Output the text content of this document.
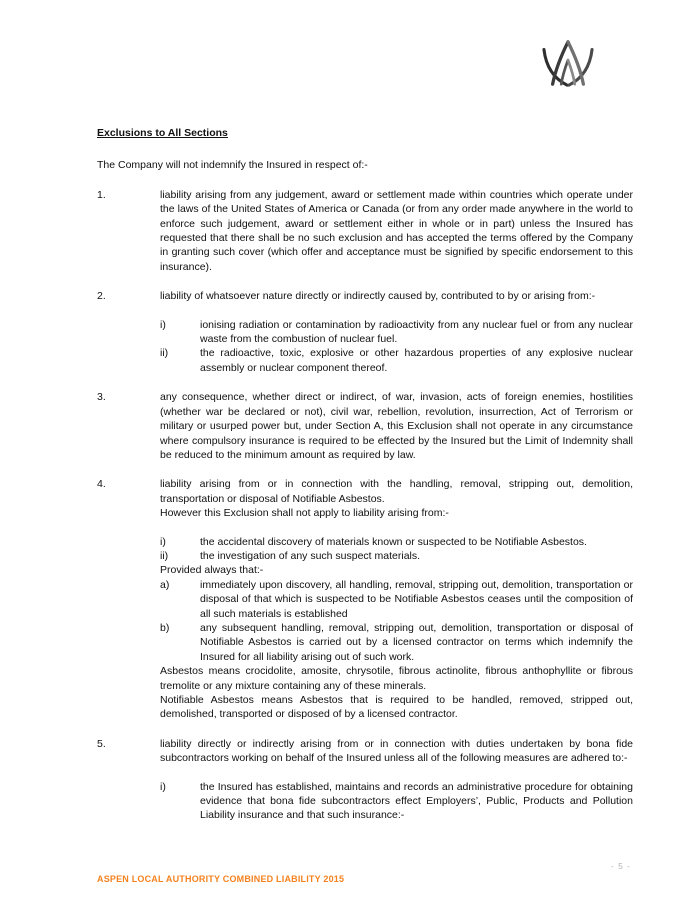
Exclusions to All Sections

The Company will not indemnify the Insured in respect of:-

1.	liability arising from any judgement, award or settlement made within countries which operate under the laws of the United States of America or Canada (or from any order made anywhere in the world to enforce such judgement, award or settlement either in whole or in part) unless the Insured has requested that there shall be no such exclusion and has accepted the terms offered by the Company in granting such cover (which offer and acceptance must be signified by specific endorsement to this insurance).

2.	liability of whatsoever nature directly or indirectly caused by, contributed to by or arising from:-

i)	ionising radiation or contamination by radioactivity from any nuclear fuel or from any nuclear waste from the combustion of nuclear fuel.

ii)	the radioactive, toxic, explosive or other hazardous properties of any explosive nuclear assembly or nuclear component thereof.

3.	any consequence, whether direct or indirect, of war, invasion, acts of foreign enemies, hostilities (whether war be declared or not), civil war, rebellion, revolution, insurrection, Act of Terrorism or military or usurped power but, under Section A, this Exclusion shall not operate in any circumstance where compulsory insurance is required to be effected by the Insured but the Limit of Indemnity shall be reduced to the minimum amount as required by law.

4.	liability arising from or in connection with the handling, removal, stripping out, demolition, transportation or disposal of Notifiable Asbestos.

However this Exclusion shall not apply to liability arising from:-

i)	the accidental discovery of materials known or suspected to be Notifiable Asbestos.

ii)	the investigation of any such suspect materials.

Provided always that:-

a)	immediately upon discovery, all handling, removal, stripping out, demolition, transportation or disposal of that which is suspected to be Notifiable Asbestos ceases until the composition of all such materials is established

b)	any subsequent handling, removal, stripping out, demolition, transportation or disposal of Notifiable Asbestos is carried out by a licensed contractor on terms which indemnify the Insured for all liability arising out of such work.

Asbestos means crocidolite, amosite, chrysotile, fibrous actinolite, fibrous anthophyllite or fibrous tremolite or any mixture containing any of these minerals.

Notifiable Asbestos means Asbestos that is required to be handled, removed, stripped out, demolished, transported or disposed of by a licensed contractor.

5.	liability directly or indirectly arising from or in connection with duties undertaken by bona fide subcontractors working on behalf of the Insured unless all of the following measures are adhered to:-

i)	the Insured has established, maintains and records an administrative procedure for obtaining evidence that bona fide subcontractors effect Employers’, Public, Products and Pollution Liability insurance and that such insurance:-

- 5 -
ASPEN LOCAL AUTHORITY COMBINED LIABILITY 2015
